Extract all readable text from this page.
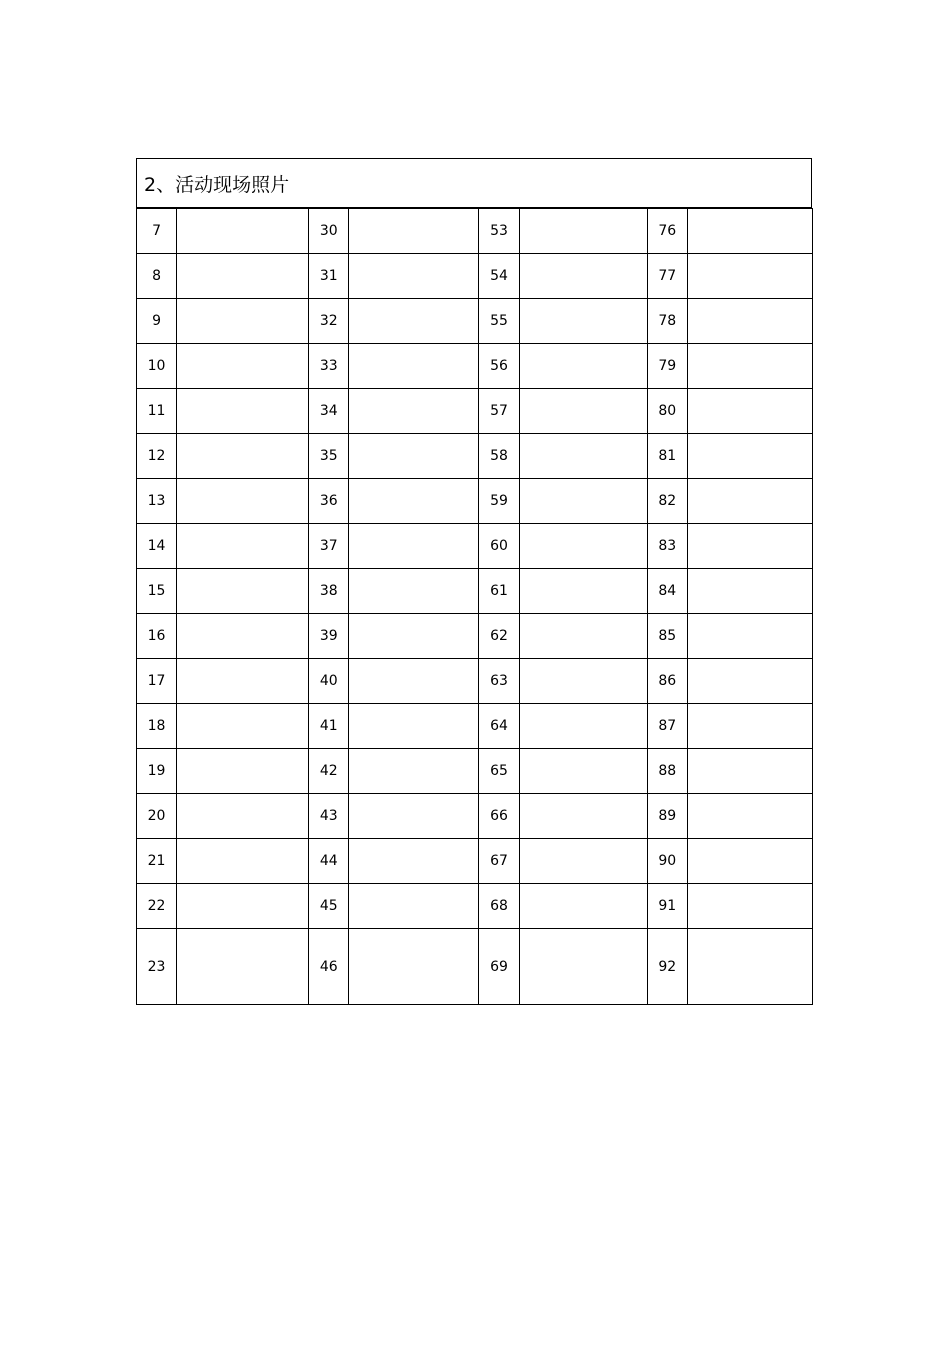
2、活动现场照片
7		30		53		76	
8		31		54		77	
9		32		55		78	
10		33		56		79	
11		34		57		80	
12		35		58		81	
13		36		59		82	
14		37		60		83	
15		38		61		84	
16		39		62		85	
17		40		63		86	
18		41		64		87	
19		42		65		88	
20		43		66		89	
21		44		67		90	
22		45		68		91	
23		46		69		92	
